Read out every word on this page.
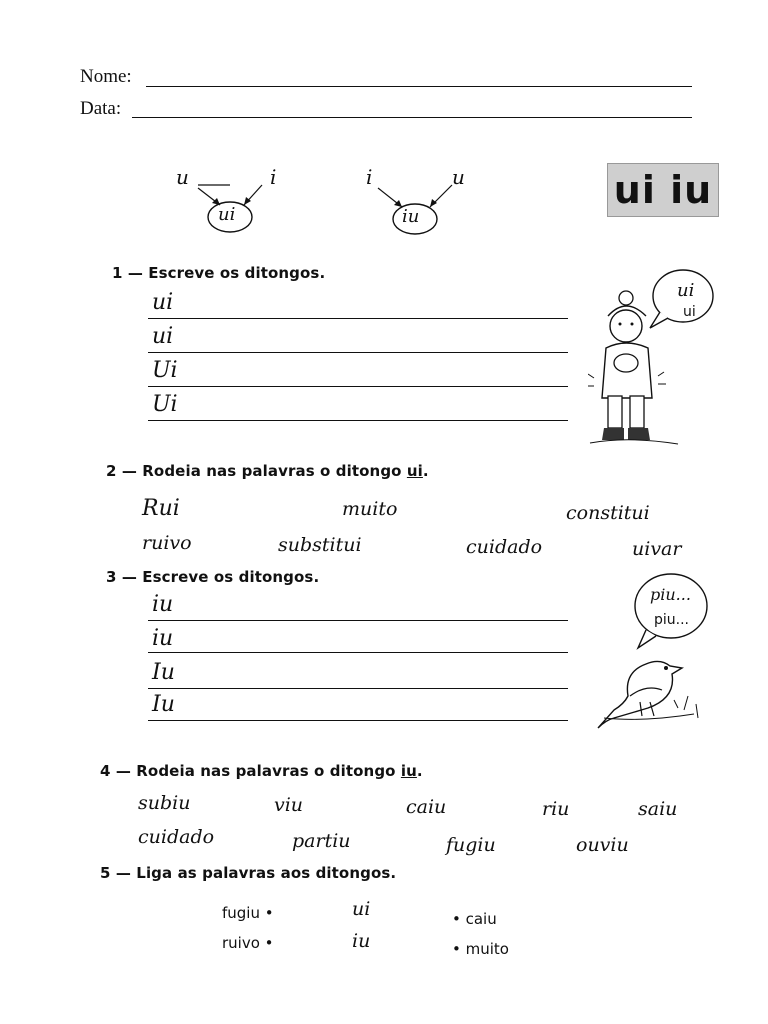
Nome:
Data:
u	i
ui
i	u
iu
ui iu
1 — Escreve os ditongos.
ui
ui
Ui
Ui
ui
ui
2 — Rodeia nas palavras o ditongo ui.
Rui	muito	constitui
ruivo	substitui	cuidado	uivar
3 — Escreve os ditongos.
iu
iu
Iu
Iu
piu...
piu...
4 — Rodeia nas palavras o ditongo iu.
subiu	viu	caiu	riu	saiu
cuidado	partiu	fugiu	ouviu
5 — Liga as palavras aos ditongos.
fugiu •
ruivo •
ui
iu
• caiu
• muito
